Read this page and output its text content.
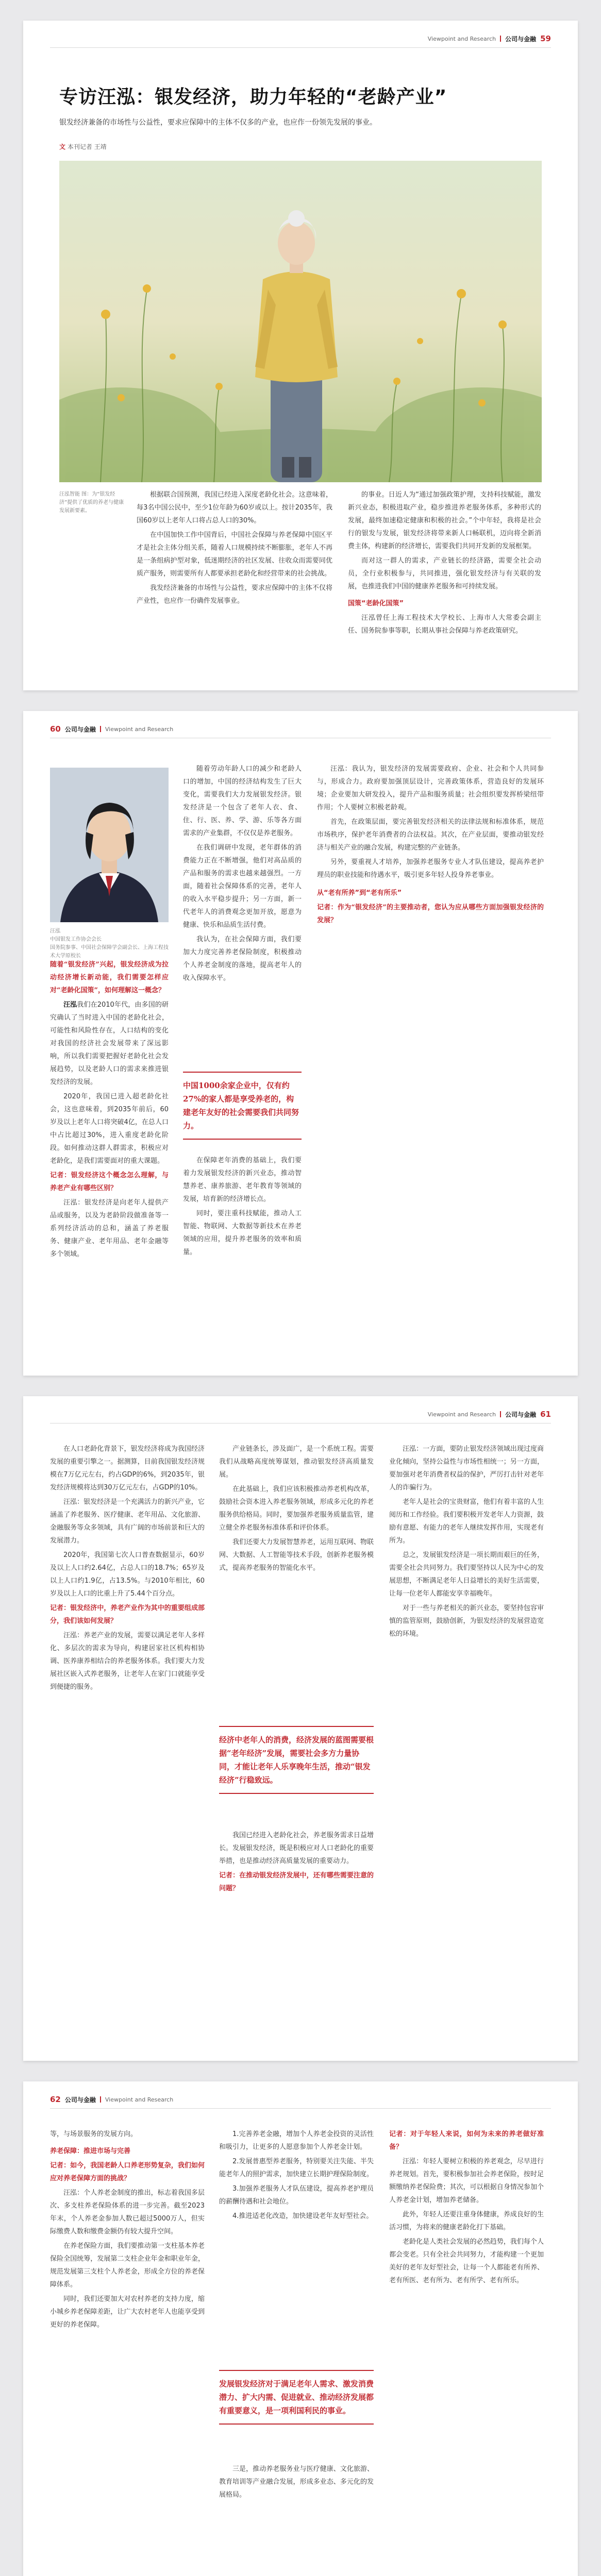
Viewpoint and Research 公司与金融 59
专访汪泓：银发经济，助力年轻的“老龄产业”
银发经济兼备的市场性与公益性，要求应保障中的主体不仅多的产业，也应作一份领先发展的事业。
文 本刊记者 王靖
汪泓智能 图：为“银发经济”提供了优质的养老与健康发展新要素。

根据联合国预测，我国已经进入深度老龄化社会。这意味着，每3名中国公民中，至少1位年龄为60岁或以上。按计2035年，我国60岁以上老年人口将占总人口的30%。

在中国加快工作中国背后，中国社会保障与养老保障中国区平才是社会主体分组关系，随着人口规模持续不断膨胀，老年人不再是一条组病护型对象，低迷期经济的社区发展、往收众而需要同优质产服务，则需要所有人都要承担老龄化和经营带来的社会挑战。

我发经济兼备的市场性与公益性，要求应保障中的主体不仅将产业性，也应作一份确件发展事业。

的事业。日近人为“通过加强政策护理，支持科技赋能，激发新兴业态，积极进取产业，稳步推进养老服务体系，多种形式的发展，最终加速稳定健康和积极的社会。”个中年轻，我将是社会行的银发与发展，银发经济将带来新人口畅联机，迈向将全新消费主体，构建新的经济增长，需要我们共同开发新的发展框架。

而对这一群人的需求，产业链长的经济路，需要全社会动员，全行业积极参与，共同推进，强化银发经济与有关联的发展，也推进我们中国的健康养老服务和可持续发展。

国策“老龄化国策”

汪泓曾任上海工程技术大学校长、上海市人大常委会副主任、国务院参事等职，长期从事社会保障与养老政策研究。

60 公司与金融 Viewpoint and Research
汪泓
中国银发工作协会会长
国务院参事、中国社会保障学会副会长、上海工程技术大学原校长

随着“银发经济”兴起，银发经济成为拉动经济增长新动能，我们需要怎样应对“老龄化国策”，如何理解这一概念？

汪泓我们在2010年代，由多国的研究确认了当时进入中国的老龄化社会，可能性和风险性存在，人口结构的变化对我国的经济社会发展带来了深远影响，所以我们需要把握好老龄化社会发展趋势，以及老龄人口的需求来推进银发经济的发展。

2020年，我国已进入超老龄化社会，这也意味着，到2035年前后，60岁及以上老年人口将突破4亿，在总人口中占比超过30%，进入重度老龄化阶段。如何推动这群人群需求，积极应对老龄化，是我们需要面对的重大课题。

记者：银发经济这个概念怎么理解，与养老产业有哪些区别？

汪泓：银发经济是向老年人提供产品或服务，以及为老龄阶段做准备等一系列经济活动的总和，涵盖了养老服务、健康产业、老年用品、老年金融等多个领域。

随着劳动年龄人口的减少和老龄人口的增加，中国的经济结构发生了巨大变化，需要我们大力发展银发经济。银发经济是一个包含了老年人衣、食、住、行、医、养、学、游、乐等各方面需求的产业集群，不仅仅是养老服务。

在我们调研中发现，老年群体的消费能力正在不断增强，他们对高品质的产品和服务的需求也越来越强烈。一方面，随着社会保障体系的完善，老年人的收入水平稳步提升；另一方面，新一代老年人的消费观念更加开放，愿意为健康、快乐和品质生活付费。

我认为，在社会保障方面，我们要加大力度完善养老保险制度，积极推动个人养老金制度的落地，提高老年人的收入保障水平。

中国1000余家企业中，仅有约27%的家人都是享受养老的，构建老年友好的社会需要我们共同努力。

在保障老年消费的基础上，我们要着力发展银发经济的新兴业态，推动智慧养老、康养旅游、老年教育等领域的发展，培育新的经济增长点。

同时，要注重科技赋能，推动人工智能、物联网、大数据等新技术在养老领域的应用，提升养老服务的效率和质量。

汪泓：我认为，银发经济的发展需要政府、企业、社会和个人共同参与，形成合力。政府要加强顶层设计，完善政策体系，营造良好的发展环境；企业要加大研发投入，提升产品和服务质量；社会组织要发挥桥梁纽带作用；个人要树立积极老龄观。

首先，在政策层面，要完善银发经济相关的法律法规和标准体系，规范市场秩序，保护老年消费者的合法权益。其次，在产业层面，要推动银发经济与相关产业的融合发展，构建完整的产业链条。

另外，要重视人才培养，加强养老服务专业人才队伍建设，提高养老护理员的职业技能和待遇水平，吸引更多年轻人投身养老事业。

从“老有所养”到“老有所乐”

记者：作为“银发经济”的主要推动者，您认为应从哪些方面加强银发经济的发展？

Viewpoint and Research 公司与金融 61

在人口老龄化背景下，银发经济将成为我国经济发展的重要引擎之一。据测算，目前我国银发经济规模在7万亿元左右，约占GDP的6%，到2035年，银发经济规模将达到30万亿元左右，占GDP的10%。

汪泓：银发经济是一个充满活力的新兴产业，它涵盖了养老服务、医疗健康、老年用品、文化旅游、金融服务等众多领域，具有广阔的市场前景和巨大的发展潜力。

2020年，我国第七次人口普查数据显示，60岁及以上人口约2.64亿，占总人口的18.7%；65岁及以上人口约1.9亿，占13.5%。与2010年相比，60岁及以上人口的比重上升了5.44个百分点。

记者：银发经济中，养老产业作为其中的重要组成部分，我们该如何发展？

汪泓：养老产业的发展，需要以满足老年人多样化、多层次的需求为导向，构建居家社区机构相协调、医养康养相结合的养老服务体系。我们要大力发展社区嵌入式养老服务，让老年人在家门口就能享受到便捷的服务。

产业链条长，涉及面广，是一个系统工程。需要我们从战略高度统筹谋划，推动银发经济高质量发展。

在此基础上，我们应该积极推动养老机构改革，鼓励社会资本进入养老服务领域，形成多元化的养老服务供给格局。同时，要加强养老服务质量监管，建立健全养老服务标准体系和评价体系。

我们还要大力发展智慧养老，运用互联网、物联网、大数据、人工智能等技术手段，创新养老服务模式，提高养老服务的智能化水平。

经济中老年人的消费，经济发展的蓝图需要根据“老年经济”发展，需要社会多方力量协同，才能让老年人乐享晚年生活，推动“银发经济”行稳致远。

我国已经进入老龄化社会，养老服务需求日益增长。发展银发经济，既是积极应对人口老龄化的重要举措，也是推动经济高质量发展的重要动力。

记者：在推动银发经济发展中，还有哪些需要注意的问题？

汪泓：一方面，要防止银发经济领域出现过度商业化倾向，坚持公益性与市场性相统一；另一方面，要加强对老年消费者权益的保护，严厉打击针对老年人的诈骗行为。

老年人是社会的宝贵财富，他们有着丰富的人生阅历和工作经验。我们要积极开发老年人力资源，鼓励有意愿、有能力的老年人继续发挥作用，实现老有所为。

总之，发展银发经济是一项长期而艰巨的任务，需要全社会共同努力。我们要坚持以人民为中心的发展思想，不断满足老年人日益增长的美好生活需要，让每一位老年人都能安享幸福晚年。

对于一些与养老相关的新兴业态，要坚持包容审慎的监管原则，鼓励创新，为银发经济的发展营造宽松的环境。

62 公司与金融 Viewpoint and Research

等，与场景服务的发展方向。

养老保障：推进市场与完善

记者：如今，我国老龄人口养老形势复杂，我们如何应对养老保障方面的挑战？

汪泓：个人养老金制度的推出，标志着我国多层次、多支柱养老保险体系的进一步完善。截至2023年末，个人养老金参加人数已超过5000万人，但实际缴费人数和缴费金额仍有较大提升空间。

在养老保险方面，我们要推动第一支柱基本养老保险全国统筹，发展第二支柱企业年金和职业年金，规范发展第三支柱个人养老金，形成全方位的养老保障体系。

同时，我们还要加大对农村养老的支持力度，缩小城乡养老保障差距，让广大农村老年人也能享受到更好的养老保障。

1.完善养老金融，增加个人养老金投资的灵活性和吸引力，让更多的人愿意参加个人养老金计划。

2.发展普惠型养老服务，特别要关注失能、半失能老年人的照护需求，加快建立长期护理保险制度。

3.加强养老服务人才队伍建设，提高养老护理员的薪酬待遇和社会地位。

4.推进适老化改造，加快建设老年友好型社会。

发展银发经济对于满足老年人需求、激发消费潜力、扩大内需、促进就业、推动经济发展都有重要意义，是一项利国利民的事业。

三是，推动养老服务业与医疗健康、文化旅游、教育培训等产业融合发展，形成多业态、多元化的发展格局。

记者：对于年轻人来说，如何为未来的养老做好准备？

汪泓：年轻人要树立积极的养老观念，尽早进行养老规划。首先，要积极参加社会养老保险，按时足额缴纳养老保险费；其次，可以根据自身情况参加个人养老金计划，增加养老储备。

此外，年轻人还要注重身体健康，养成良好的生活习惯，为将来的健康老龄化打下基础。

老龄化是人类社会发展的必然趋势，我们每个人都会变老。只有全社会共同努力，才能构建一个更加美好的老年友好型社会，让每一个人都能老有所养、老有所医、老有所为、老有所学、老有所乐。
